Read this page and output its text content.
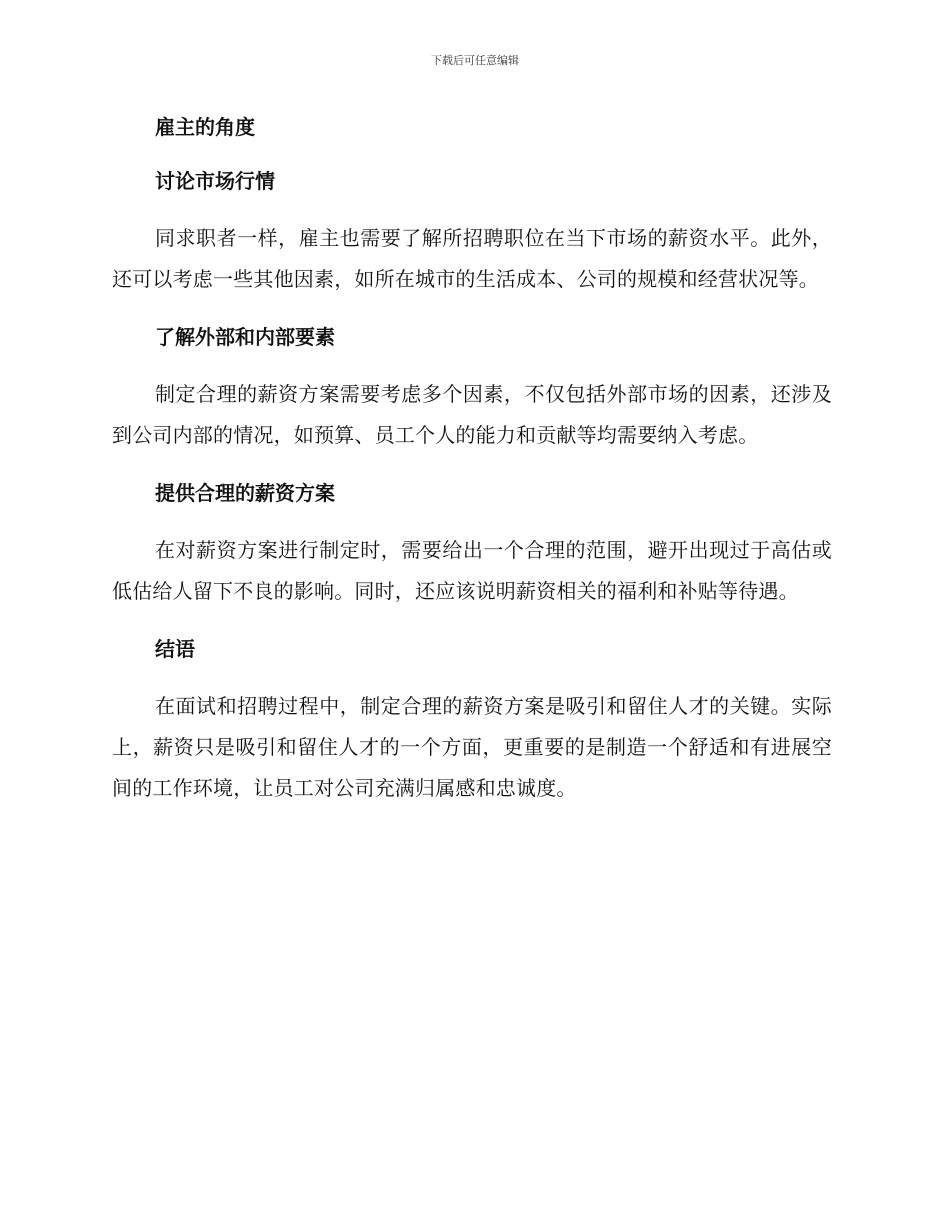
下载后可任意编辑
雇主的角度
讨论市场行情

同求职者一样，雇主也需要了解所招聘职位在当下市场的薪资水平。此外，还可以考虑一些其他因素，如所在城市的生活成本、公司的规模和经营状况等。

了解外部和内部要素

制定合理的薪资方案需要考虑多个因素，不仅包括外部市场的因素，还涉及到公司内部的情况，如预算、员工个人的能力和贡献等均需要纳入考虑。

提供合理的薪资方案

在对薪资方案进行制定时，需要给出一个合理的范围，避开出现过于高估或低估给人留下不良的影响。同时，还应该说明薪资相关的福利和补贴等待遇。

结语

在面试和招聘过程中，制定合理的薪资方案是吸引和留住人才的关键。实际上，薪资只是吸引和留住人才的一个方面，更重要的是制造一个舒适和有进展空间的工作环境，让员工对公司充满归属感和忠诚度。
